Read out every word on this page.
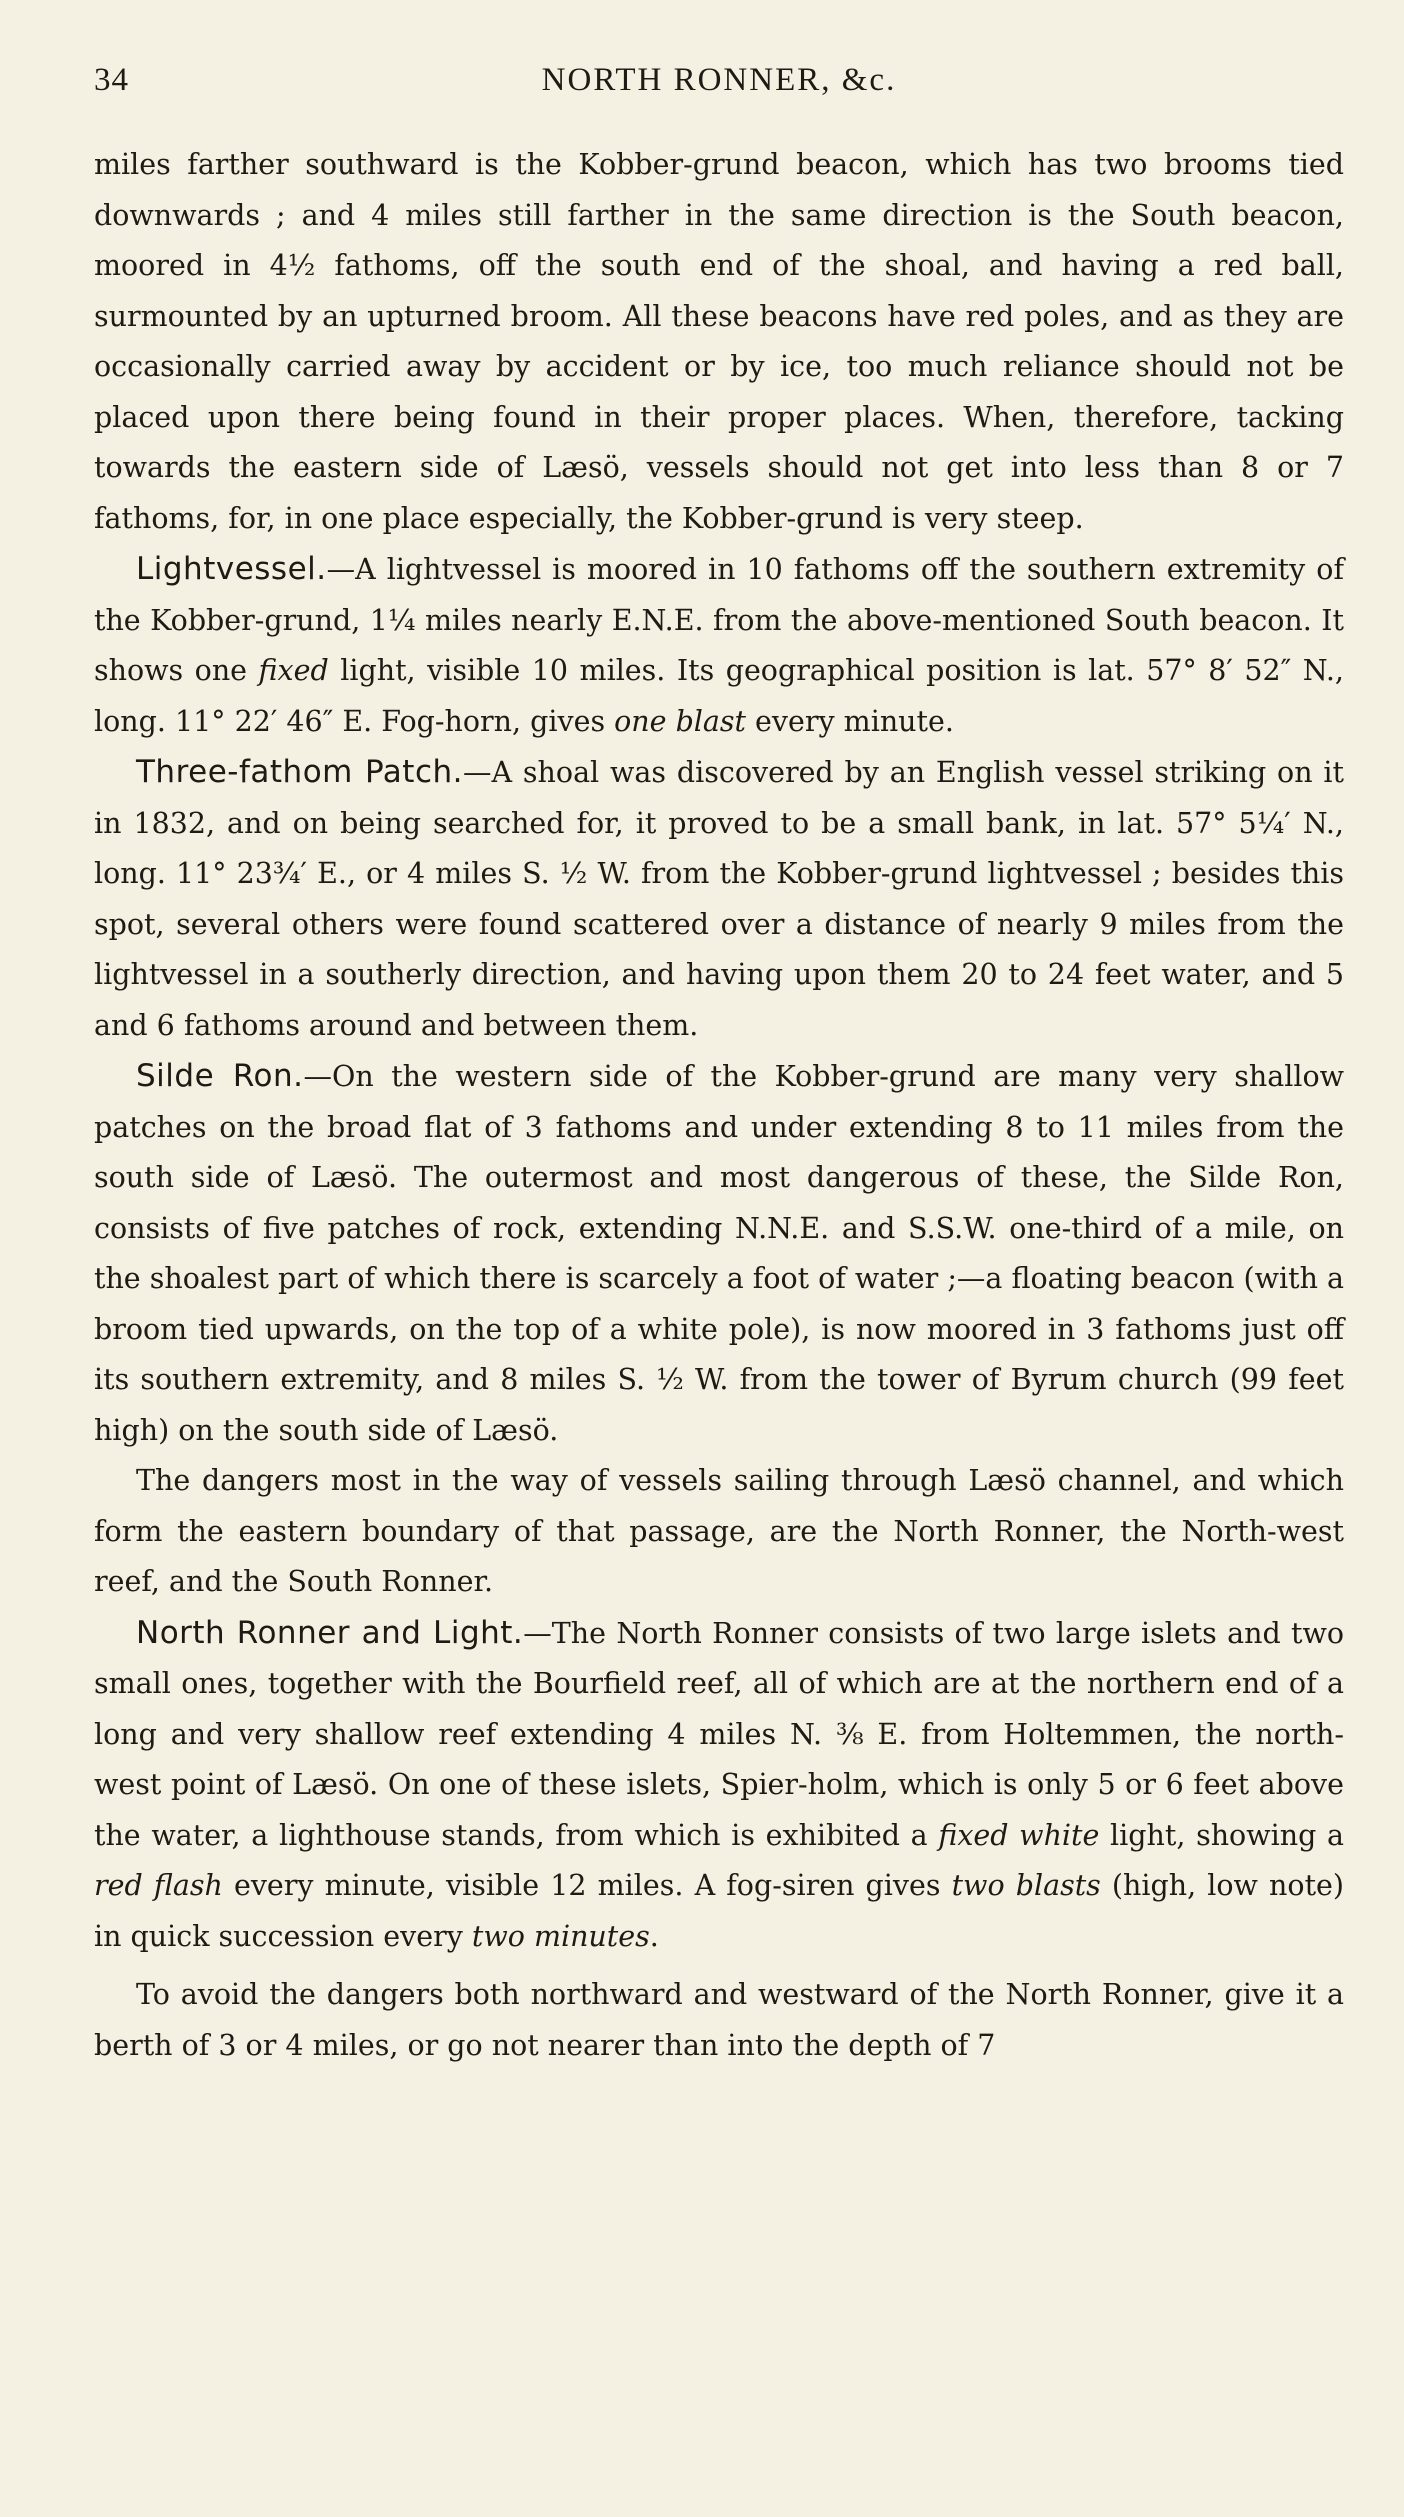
34	NORTH RONNER, &c.

miles farther southward is the Kobber-grund beacon, which has two brooms tied downwards ; and 4 miles still farther in the same direction is the South beacon, moored in 4½ fathoms, off the south end of the shoal, and having a red ball, surmounted by an upturned broom. All these beacons have red poles, and as they are occasionally carried away by accident or by ice, too much reliance should not be placed upon there being found in their proper places. When, therefore, tacking towards the eastern side of Læsö, vessels should not get into less than 8 or 7 fathoms, for, in one place especially, the Kobber-grund is very steep.

Lightvessel.—A lightvessel is moored in 10 fathoms off the southern extremity of the Kobber-grund, 1¼ miles nearly E.N.E. from the above-mentioned South beacon. It shows one fixed light, visible 10 miles. Its geographical position is lat. 57° 8′ 52″ N., long. 11° 22′ 46″ E. Fog-horn, gives one blast every minute.

Three-fathom Patch.—A shoal was discovered by an English vessel striking on it in 1832, and on being searched for, it proved to be a small bank, in lat. 57° 5¼′ N., long. 11° 23¾′ E., or 4 miles S. ½ W. from the Kobber-grund lightvessel ; besides this spot, several others were found scattered over a distance of nearly 9 miles from the lightvessel in a southerly direction, and having upon them 20 to 24 feet water, and 5 and 6 fathoms around and between them.

Silde Ron.—On the western side of the Kobber-grund are many very shallow patches on the broad flat of 3 fathoms and under extending 8 to 11 miles from the south side of Læsö. The outermost and most dangerous of these, the Silde Ron, consists of five patches of rock, extending N.N.E. and S.S.W. one-third of a mile, on the shoalest part of which there is scarcely a foot of water ;—a floating beacon (with a broom tied upwards, on the top of a white pole), is now moored in 3 fathoms just off its southern extremity, and 8 miles S. ½ W. from the tower of Byrum church (99 feet high) on the south side of Læsö.

The dangers most in the way of vessels sailing through Læsö channel, and which form the eastern boundary of that passage, are the North Ronner, the North-west reef, and the South Ronner.

North Ronner and Light.—The North Ronner consists of two large islets and two small ones, together with the Bourfield reef, all of which are at the northern end of a long and very shallow reef extending 4 miles N. ⅜ E. from Holtemmen, the north-west point of Læsö. On one of these islets, Spier-holm, which is only 5 or 6 feet above the water, a lighthouse stands, from which is exhibited a fixed white light, showing a red flash every minute, visible 12 miles. A fog-siren gives two blasts (high, low note) in quick succession every two minutes.

To avoid the dangers both northward and westward of the North Ronner, give it a berth of 3 or 4 miles, or go not nearer than into the depth of 7
